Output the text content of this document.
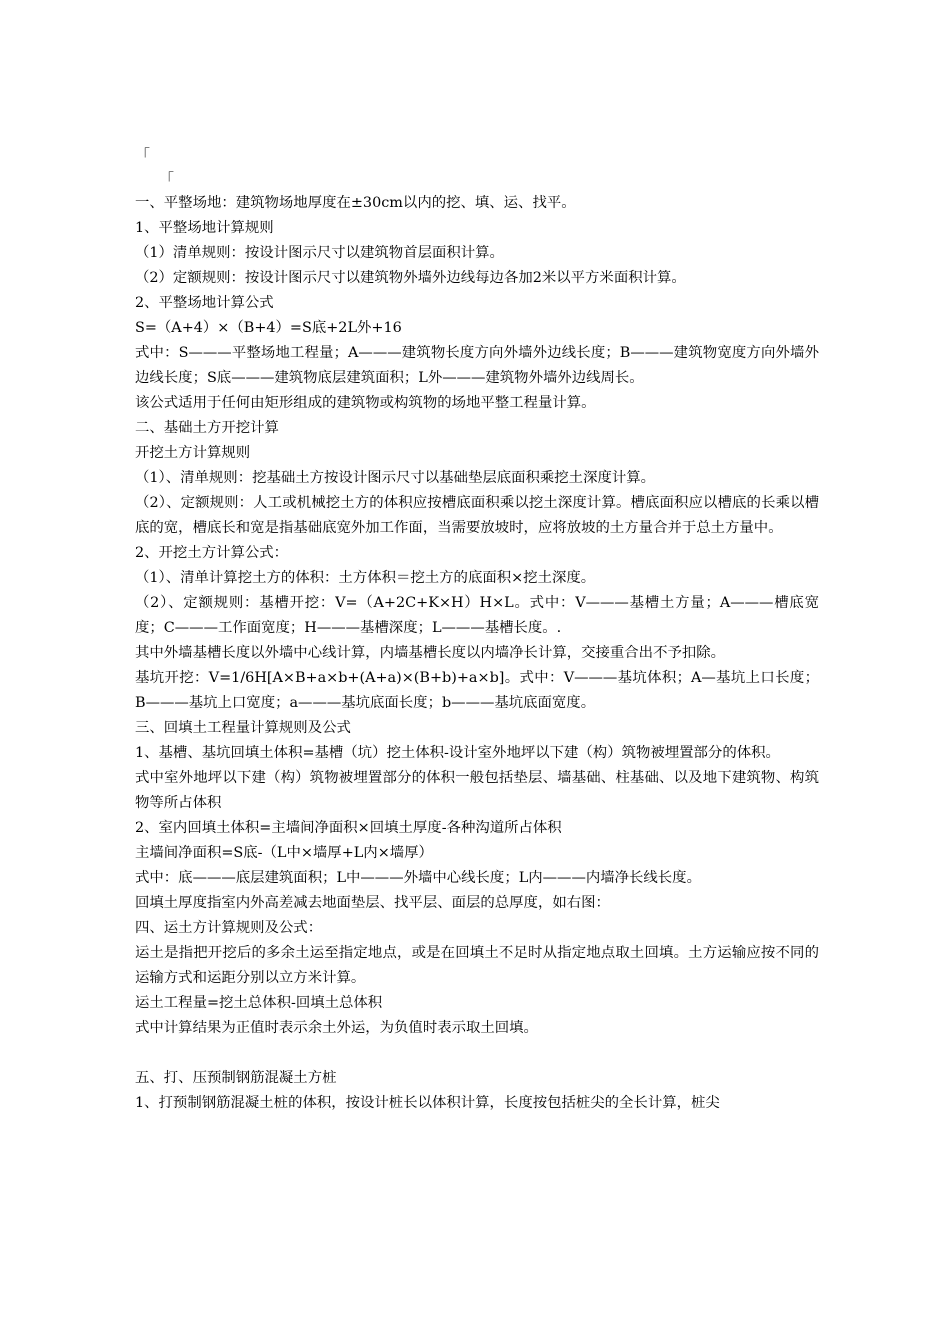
「
「

一、平整场地：建筑物场地厚度在±30cm以内的挖、填、运、找平。

1、平整场地计算规则

（1）清单规则：按设计图示尺寸以建筑物首层面积计算。

（2）定额规则：按设计图示尺寸以建筑物外墙外边线每边各加2米以平方米面积计算。

2、平整场地计算公式

S=（A+4）×（B+4）=S底+2L外+16

式中：S———平整场地工程量；A———建筑物长度方向外墙外边线长度；B———建筑物宽度方向外墙外边线长度；S底———建筑物底层建筑面积；L外———建筑物外墙外边线周长。

该公式适用于任何由矩形组成的建筑物或构筑物的场地平整工程量计算。

二、基础土方开挖计算

开挖土方计算规则

（1）、清单规则：挖基础土方按设计图示尺寸以基础垫层底面积乘挖土深度计算。

（2）、定额规则：人工或机械挖土方的体积应按槽底面积乘以挖土深度计算。槽底面积应以槽底的长乘以槽底的宽，槽底长和宽是指基础底宽外加工作面，当需要放坡时，应将放坡的土方量合并于总土方量中。

2、开挖土方计算公式：

（1）、清单计算挖土方的体积：土方体积＝挖土方的底面积×挖土深度。

（2）、定额规则：基槽开挖：V=（A+2C+K×H）H×L。式中：V———基槽土方量；A———槽底宽度；C———工作面宽度；H———基槽深度；L———基槽长度。.

其中外墙基槽长度以外墙中心线计算，内墙基槽长度以内墙净长计算，交接重合出不予扣除。

基坑开挖：V=1/6H[A×B+a×b+(A+a)×(B+b)+a×b]。式中：V———基坑体积；A—基坑上口长度；B———基坑上口宽度；a———基坑底面长度；b———基坑底面宽度。

三、回填土工程量计算规则及公式

1、基槽、基坑回填土体积=基槽（坑）挖土体积-设计室外地坪以下建（构）筑物被埋置部分的体积。

式中室外地坪以下建（构）筑物被埋置部分的体积一般包括垫层、墙基础、柱基础、以及地下建筑物、构筑物等所占体积

2、室内回填土体积=主墙间净面积×回填土厚度-各种沟道所占体积

主墙间净面积=S底-（L中×墙厚+L内×墙厚）

式中：底———底层建筑面积；L中———外墙中心线长度；L内———内墙净长线长度。

回填土厚度指室内外高差减去地面垫层、找平层、面层的总厚度，如右图：

四、运土方计算规则及公式：

运土是指把开挖后的多余土运至指定地点，或是在回填土不足时从指定地点取土回填。土方运输应按不同的运输方式和运距分别以立方米计算。

运土工程量=挖土总体积-回填土总体积

式中计算结果为正值时表示余土外运，为负值时表示取土回填。

五、打、压预制钢筋混凝土方桩

1、打预制钢筋混凝土桩的体积，按设计桩长以体积计算，长度按包括桩尖的全长计算，桩尖
